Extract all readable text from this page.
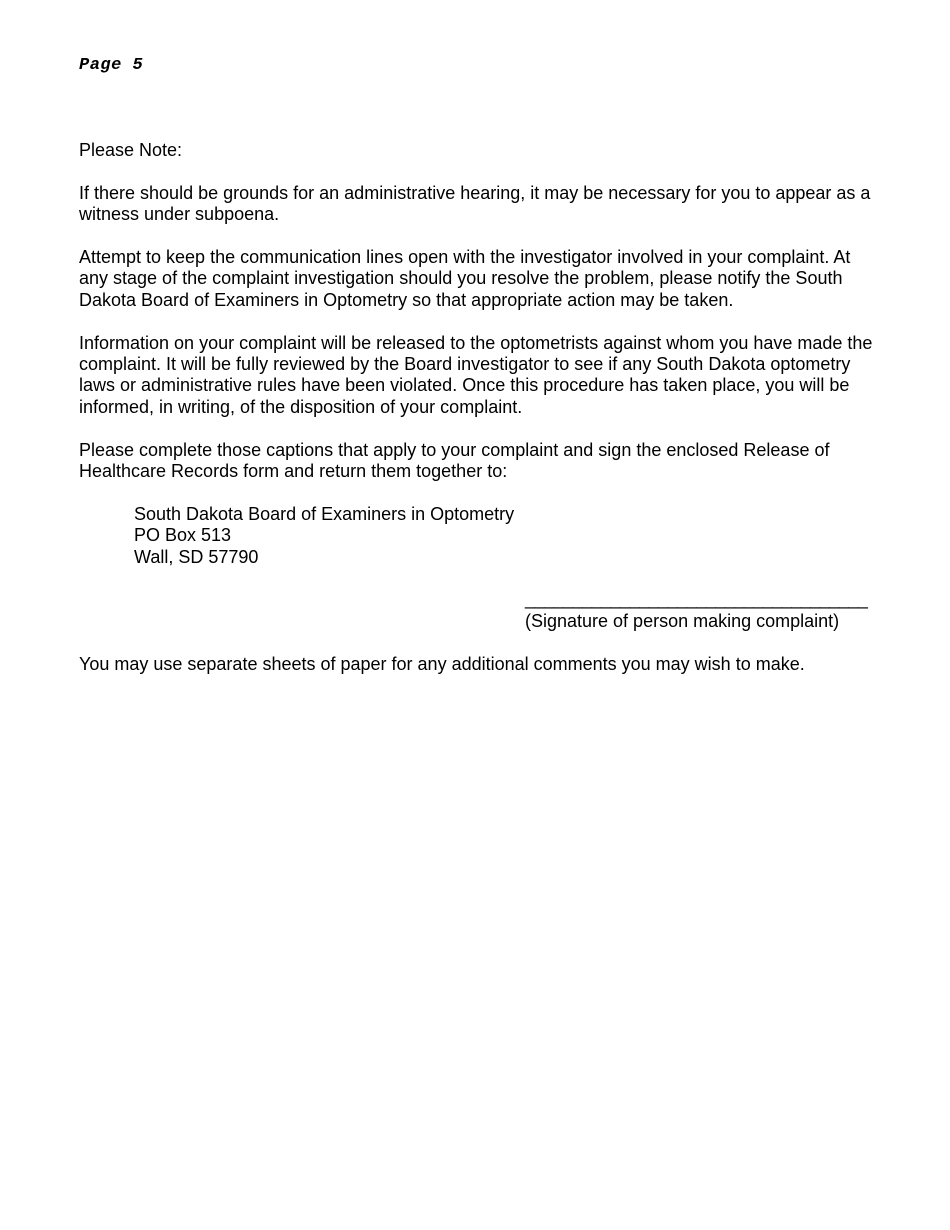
Page 5

Please Note:

If there should be grounds for an administrative hearing, it may be necessary for you to appear as a witness under subpoena.

Attempt to keep the communication lines open with the investigator involved in your complaint. At any stage of the complaint investigation should you resolve the problem, please notify the South Dakota Board of Examiners in Optometry so that appropriate action may be taken.

Information on your complaint will be released to the optometrists against whom you have made the complaint. It will be fully reviewed by the Board investigator to see if any South Dakota optometry laws or administrative rules have been violated. Once this procedure has taken place, you will be informed, in writing, of the disposition of your complaint.

Please complete those captions that apply to your complaint and sign the enclosed Release of Healthcare Records form and return them together to:

South Dakota Board of Examiners in Optometry
PO Box 513
Wall, SD 57790
____________________________________
(Signature of person making complaint)

You may use separate sheets of paper for any additional comments you may wish to make.
